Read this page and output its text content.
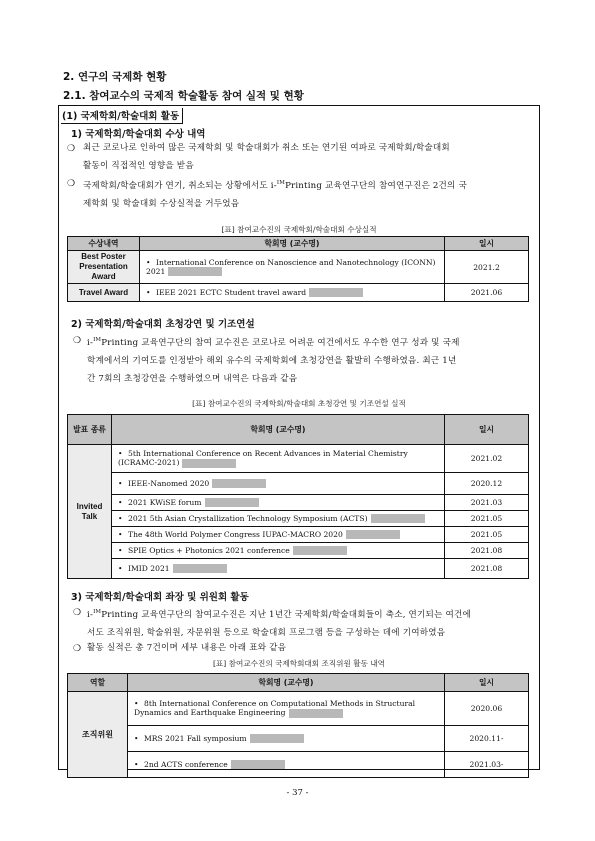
2. 연구의 국제화 현황
2.1. 참여교수의 국제적 학술활동 참여 실적 및 현황
(1) 국제학회/학술대회 활동
1) 국제학회/학술대회 수상 내역
❍ 최근 코로나로 인하여 많은 국제학회 및 학술대회가 취소 또는 연기된 여파로 국제학회/학술대회
활동이 직접적인 영향을 받음
❍ 국제학회/학술대회가 연기, 취소되는 상황에서도 i-$^{IM}$Printing 교육연구단의 참여연구진은 2건의 국
제학회 및 학술대회 수상실적을 거두었음
[표] 참여교수진의 국제학회/학술대회 수상실적
수상내역	학회명 (교수명)	일시
Best Poster Presentation Award	• International Conference on Nanoscience and Nanotechnology (ICONN) 2021	2021.2
Travel Award	• IEEE 2021 ECTC Student travel award	2021.06
2) 국제학회/학술대회 초청강연 및 기조연설
❍ i-$^{IM}$Printing 교육연구단의 참여 교수진은 코로나로 어려운 여건에서도 우수한 연구 성과 및 국제
학계에서의 기여도를 인정받아 해외 유수의 국제학회에 초청강연을 활발히 수행하였음. 최근 1년
간 7회의 초청강연을 수행하였으며 내역은 다음과 같음
[표] 참여교수진의 국제학회/학술대회 초청강연 및 기조연설 실적
발표 종류	학회명 (교수명)	일시
Invited Talk	• 5th International Conference on Recent Advances in Material Chemistry (ICRAMC-2021)	2021.02
	• IEEE-Nanomed 2020	2020.12
	• 2021 KWiSE forum	2021.03
	• 2021 5th Asian Crystallization Technology Symposium (ACTS)	2021.05
	• The 48th World Polymer Congress IUPAC-MACRO 2020	2021.05
	• SPIE Optics + Photonics 2021 conference	2021.08
	• IMID 2021	2021.08
3) 국제학회/학술대회 좌장 및 위원회 활동
❍ i-$^{IM}$Printing 교육연구단의 참여교수진은 지난 1년간 국제학회/학술대회들이 축소, 연기되는 여건에
서도 조직위원, 학술위원, 자문위원 등으로 학술대회 프로그램 등을 구성하는 데에 기여하였음
❍ 활동 실적은 총 7건이며 세부 내용은 아래 표와 같음
[표] 참여교수진의 국제학회대회 조직위원 활동 내역
역할	학회명 (교수명)	일시
조직위원	• 8th International Conference on Computational Methods in Structural Dynamics and Earthquake Engineering	2020.06
	• MRS 2021 Fall symposium	2020.11-
	• 2nd ACTS conference	2021.03-
- 37 -
